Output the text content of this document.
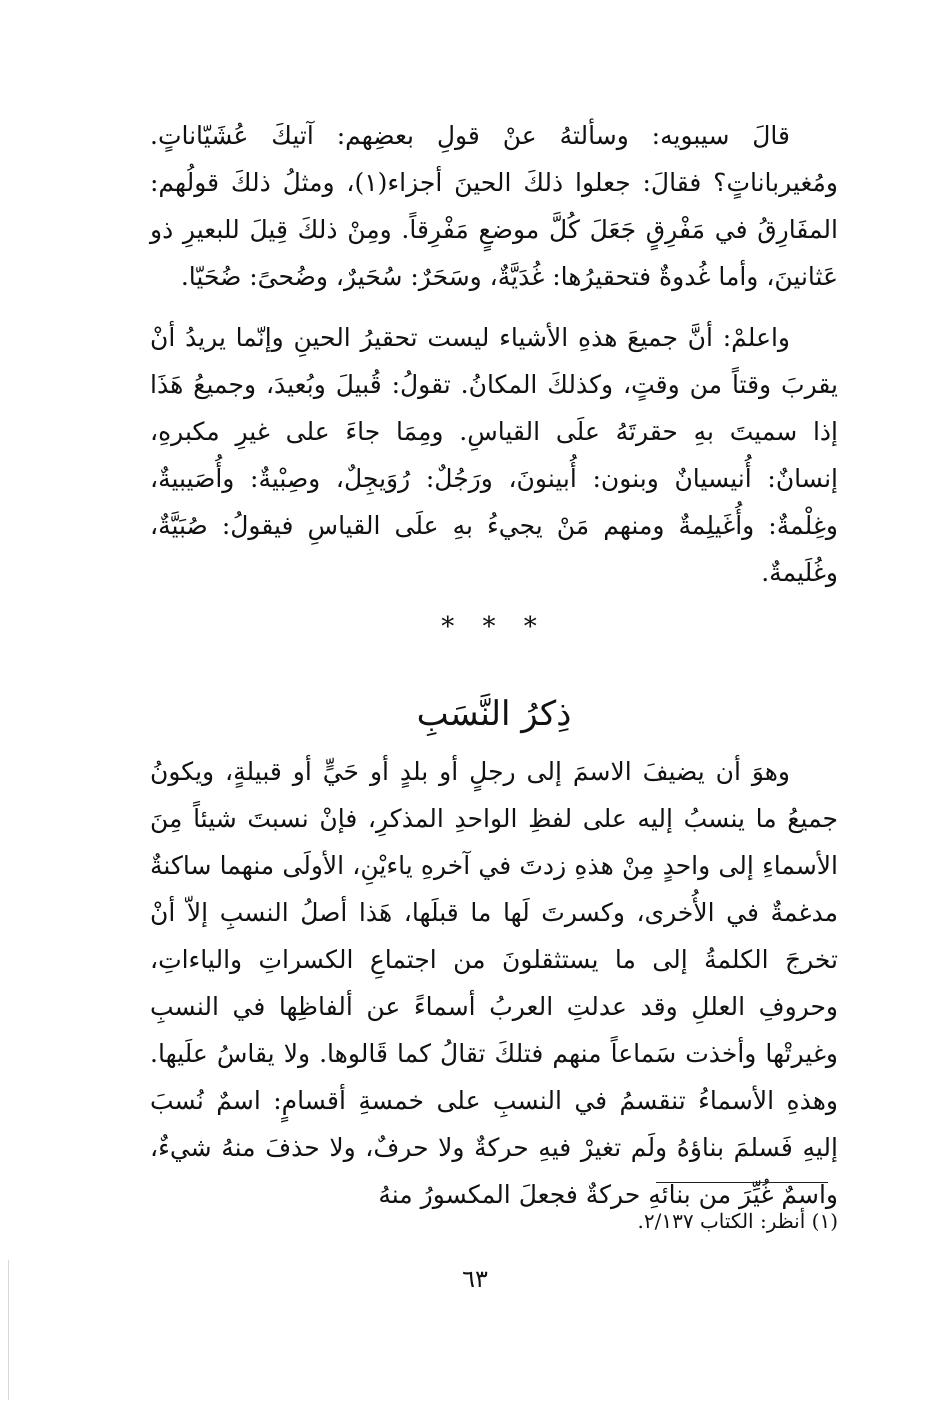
قالَ سيبويه: وسألتهُ عنْ قولِ بعضِهم: آتيكَ عُشَيّاناتٍ. ومُغيرباناتٍ؟ فقالَ: جعلوا ذلكَ الحينَ أجزاء(١)، ومثلُ ذلكَ قولُهم: المفَارِقُ في مَفْرِقٍ جَعَلَ كُلَّ موضعٍ مَفْرِقاً. ومِنْ ذلكَ قِيلَ للبعيرِ ذو عَثانينَ، وأما غُدوةٌ فتحقيرُها: غُدَيَّةٌ، وسَحَرٌ: سُحَيرٌ، وضُحىً: ضُحَيّا.

واعلمْ: أنَّ جميعَ هذهِ الأشياء ليست تحقيرُ الحينِ وإنّما يريدُ أنْ يقربَ وقتاً من وقتٍ، وكذلكَ المكانُ. تقولُ: قُبيلَ وبُعيدَ، وجميعُ هَذَا إذا سميتَ بهِ حقرتَهُ علَى القياسِ. ومِمَا جاءَ على غيرِ مكبرهِ، إنسانٌ: أُنيسيانٌ وبنون: أُبينونَ، ورَجُلٌ: رُوَيجِلٌ، وصِبْيةٌ: وأُصَيبيةٌ، وغِلْمةٌ: وأُغَيلِمةٌ ومنهم مَنْ يجيءُ بهِ علَى القياسِ فيقولُ: صُبَيَّةٌ، وغُلَيمةٌ.

* * *
ذِكرُ النَّسَبِ

وهوَ أن يضيفَ الاسمَ إلى رجلٍ أو بلدٍ أو حَيٍّ أو قبيلةٍ، ويكونُ جميعُ ما ينسبُ إليه على لفظِ الواحدِ المذكرِ، فإنْ نسبتَ شيئاً مِنَ الأسماءِ إلى واحدٍ مِنْ هذهِ زدتَ في آخرهِ ياءيْنِ، الأولَى منهما ساكنةٌ مدغمةٌ في الأُخرى، وكسرتَ لَها ما قبلَها، هَذا أصلُ النسبِ إلاّ أنْ تخرجَ الكلمةُ إلى ما يستثقلونَ من اجتماعِ الكسراتِ والياءاتِ، وحروفِ العللِ وقد عدلتِ العربُ أسماءً عن ألفاظِها في النسبِ وغيرتْها وأخذت سَماعاً منهم فتلكَ تقالُ كما قَالوها. ولا يقاسُ علَيها. وهذهِ الأسماءُ تنقسمُ في النسبِ على خمسةِ أقسامٍ: اسمٌ نُسبَ إليهِ فَسلمَ بناؤهُ ولَم تغيرْ فيهِ حركةٌ ولا حرفٌ، ولا حذفَ منهُ شيءٌ، واسمٌ غُيِّرَ من بنائهِ حركةٌ فجعلَ المكسورُ منهُ

(١) أنظر: الكتاب ٢/١٣٧.
٦٣
